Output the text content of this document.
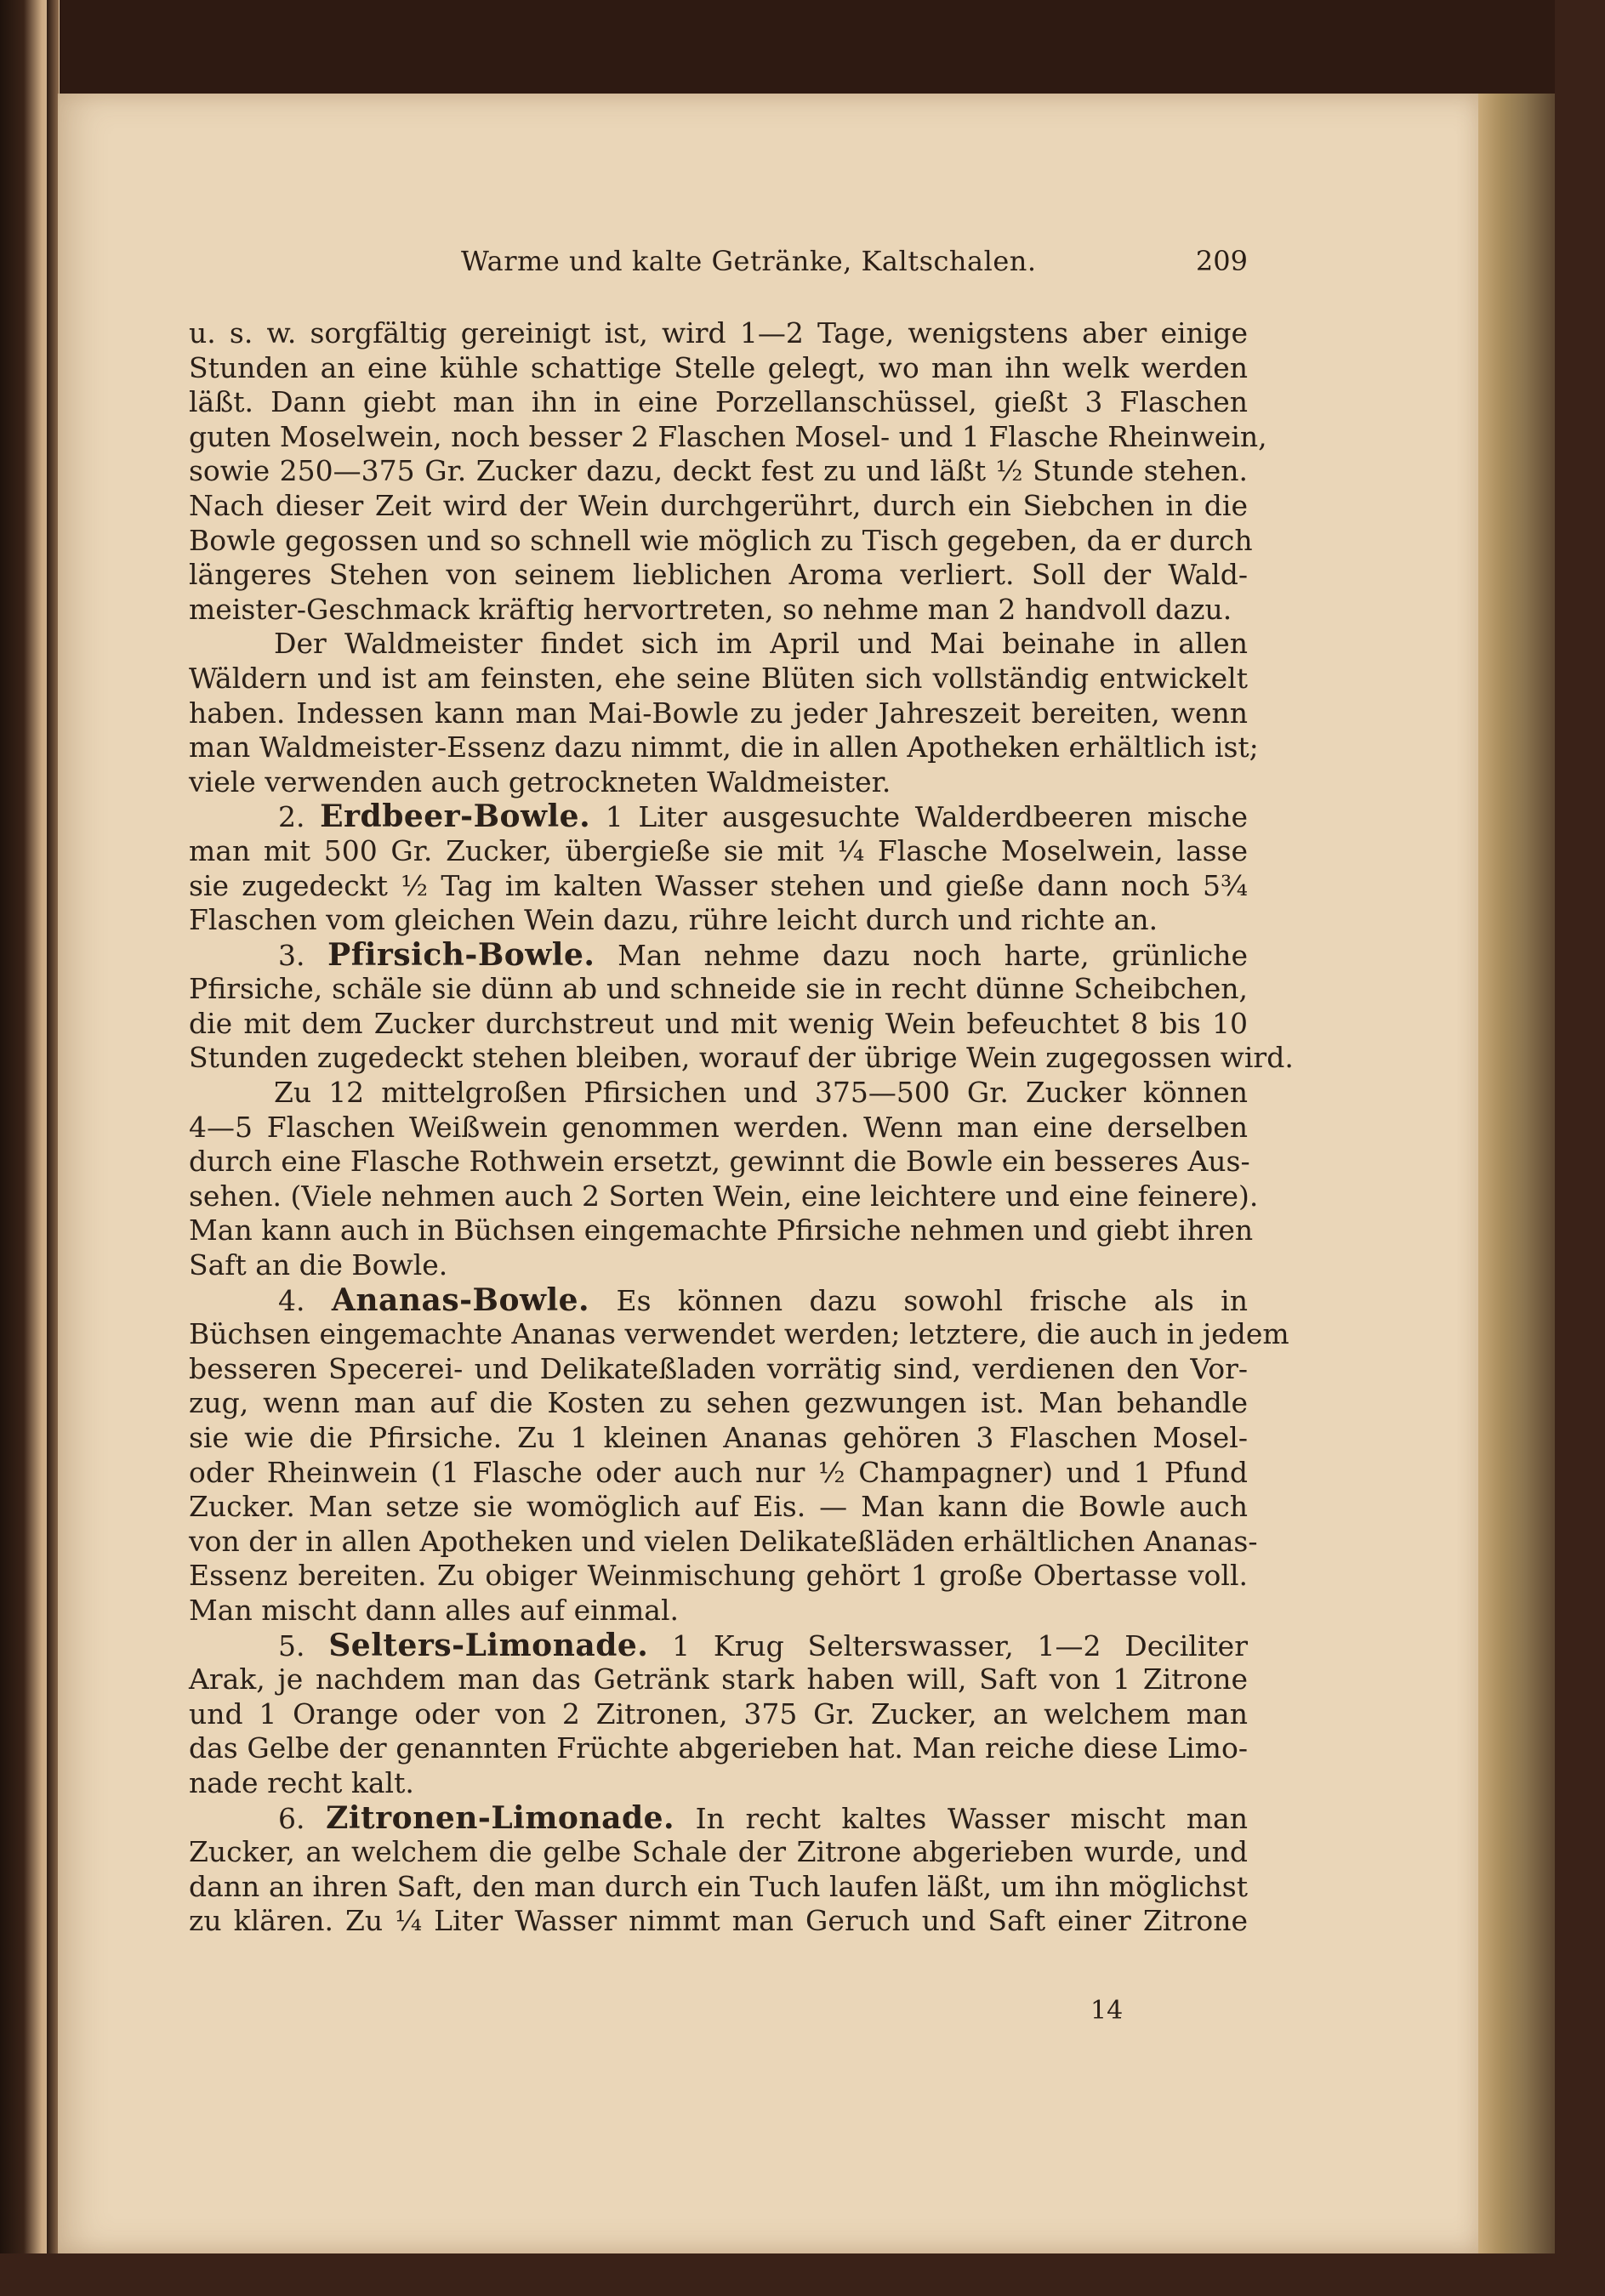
Warme und kalte Getränke, Kaltschalen.	209
u. s. w. sorgfältig gereinigt ist, wird 1—2 Tage, wenigstens aber einige
Stunden an eine kühle schattige Stelle gelegt, wo man ihn welk werden
läßt. Dann giebt man ihn in eine Porzellanschüssel, gießt 3 Flaschen
guten Moselwein, noch besser 2 Flaschen Mosel- und 1 Flasche Rheinwein,
sowie 250—375 Gr. Zucker dazu, deckt fest zu und läßt ½ Stunde stehen.
Nach dieser Zeit wird der Wein durchgerührt, durch ein Siebchen in die
Bowle gegossen und so schnell wie möglich zu Tisch gegeben, da er durch
längeres Stehen von seinem lieblichen Aroma verliert. Soll der Wald-
meister-Geschmack kräftig hervortreten, so nehme man 2 handvoll dazu.
Der Waldmeister findet sich im April und Mai beinahe in allen
Wäldern und ist am feinsten, ehe seine Blüten sich vollständig entwickelt
haben. Indessen kann man Mai-Bowle zu jeder Jahreszeit bereiten, wenn
man Waldmeister-Essenz dazu nimmt, die in allen Apotheken erhältlich ist;
viele verwenden auch getrockneten Waldmeister.
2. Erdbeer-Bowle. 1 Liter ausgesuchte Walderdbeeren mische
man mit 500 Gr. Zucker, übergieße sie mit ¼ Flasche Moselwein, lasse
sie zugedeckt ½ Tag im kalten Wasser stehen und gieße dann noch 5¾
Flaschen vom gleichen Wein dazu, rühre leicht durch und richte an.
3. Pfirsich-Bowle. Man nehme dazu noch harte, grünliche
Pfirsiche, schäle sie dünn ab und schneide sie in recht dünne Scheibchen,
die mit dem Zucker durchstreut und mit wenig Wein befeuchtet 8 bis 10
Stunden zugedeckt stehen bleiben, worauf der übrige Wein zugegossen wird.
Zu 12 mittelgroßen Pfirsichen und 375—500 Gr. Zucker können
4—5 Flaschen Weißwein genommen werden. Wenn man eine derselben
durch eine Flasche Rothwein ersetzt, gewinnt die Bowle ein besseres Aus-
sehen. (Viele nehmen auch 2 Sorten Wein, eine leichtere und eine feinere).
Man kann auch in Büchsen eingemachte Pfirsiche nehmen und giebt ihren
Saft an die Bowle.
4. Ananas-Bowle. Es können dazu sowohl frische als in
Büchsen eingemachte Ananas verwendet werden; letztere, die auch in jedem
besseren Specerei- und Delikateßladen vorrätig sind, verdienen den Vor-
zug, wenn man auf die Kosten zu sehen gezwungen ist. Man behandle
sie wie die Pfirsiche. Zu 1 kleinen Ananas gehören 3 Flaschen Mosel-
oder Rheinwein (1 Flasche oder auch nur ½ Champagner) und 1 Pfund
Zucker. Man setze sie womöglich auf Eis. — Man kann die Bowle auch
von der in allen Apotheken und vielen Delikateßläden erhältlichen Ananas-
Essenz bereiten. Zu obiger Weinmischung gehört 1 große Obertasse voll.
Man mischt dann alles auf einmal.
5. Selters-Limonade. 1 Krug Selterswasser, 1—2 Deciliter
Arak, je nachdem man das Getränk stark haben will, Saft von 1 Zitrone
und 1 Orange oder von 2 Zitronen, 375 Gr. Zucker, an welchem man
das Gelbe der genannten Früchte abgerieben hat. Man reiche diese Limo-
nade recht kalt.
6. Zitronen-Limonade. In recht kaltes Wasser mischt man
Zucker, an welchem die gelbe Schale der Zitrone abgerieben wurde, und
dann an ihren Saft, den man durch ein Tuch laufen läßt, um ihn möglichst
zu klären. Zu ¼ Liter Wasser nimmt man Geruch und Saft einer Zitrone
14
